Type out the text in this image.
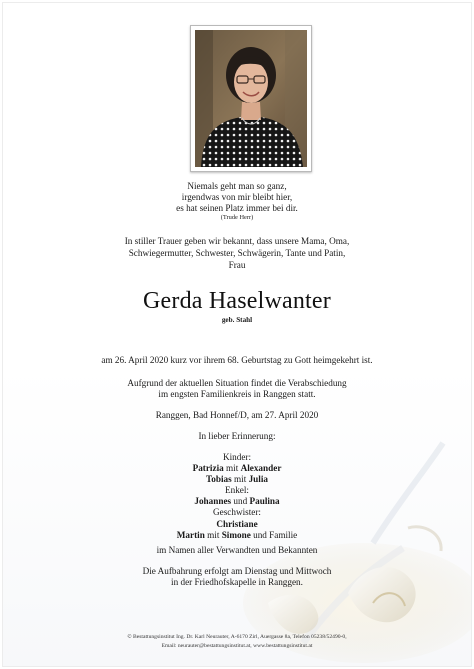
Niemals geht man so ganz,
irgendwas von mir bleibt hier,
es hat seinen Platz immer bei dir.
(Trude Herr)
In stiller Trauer geben wir bekannt, dass unsere Mama, Oma,
Schwiegermutter, Schwester, Schwägerin, Tante und Patin,
Frau
Gerda Haselwanter
geb. Stahl
am 26. April 2020 kurz vor ihrem 68. Geburtstag zu Gott heimgekehrt ist.
Aufgrund der aktuellen Situation findet die Verabschiedung
im engsten Familienkreis in Ranggen statt.
Ranggen, Bad Honnef/D, am 27. April 2020
In lieber Erinnerung:
Kinder:
Patrizia mit Alexander
Tobias mit Julia
Enkel:
Johannes und Paulina
Geschwister:
Christiane
Martin mit Simone und Familie
im Namen aller Verwandten und Bekannten
Die Aufbahrung erfolgt am Dienstag und Mittwoch
in der Friedhofskapelle in Ranggen.
© Bestattungsinstitut Ing. Dr. Karl Neurauter, A-6170 Zirl, Auergasse 8a, Telefon 05238/52490-0,
Email: neurauter@bestattungsinstitut.at, www.bestattungsinstitut.at
